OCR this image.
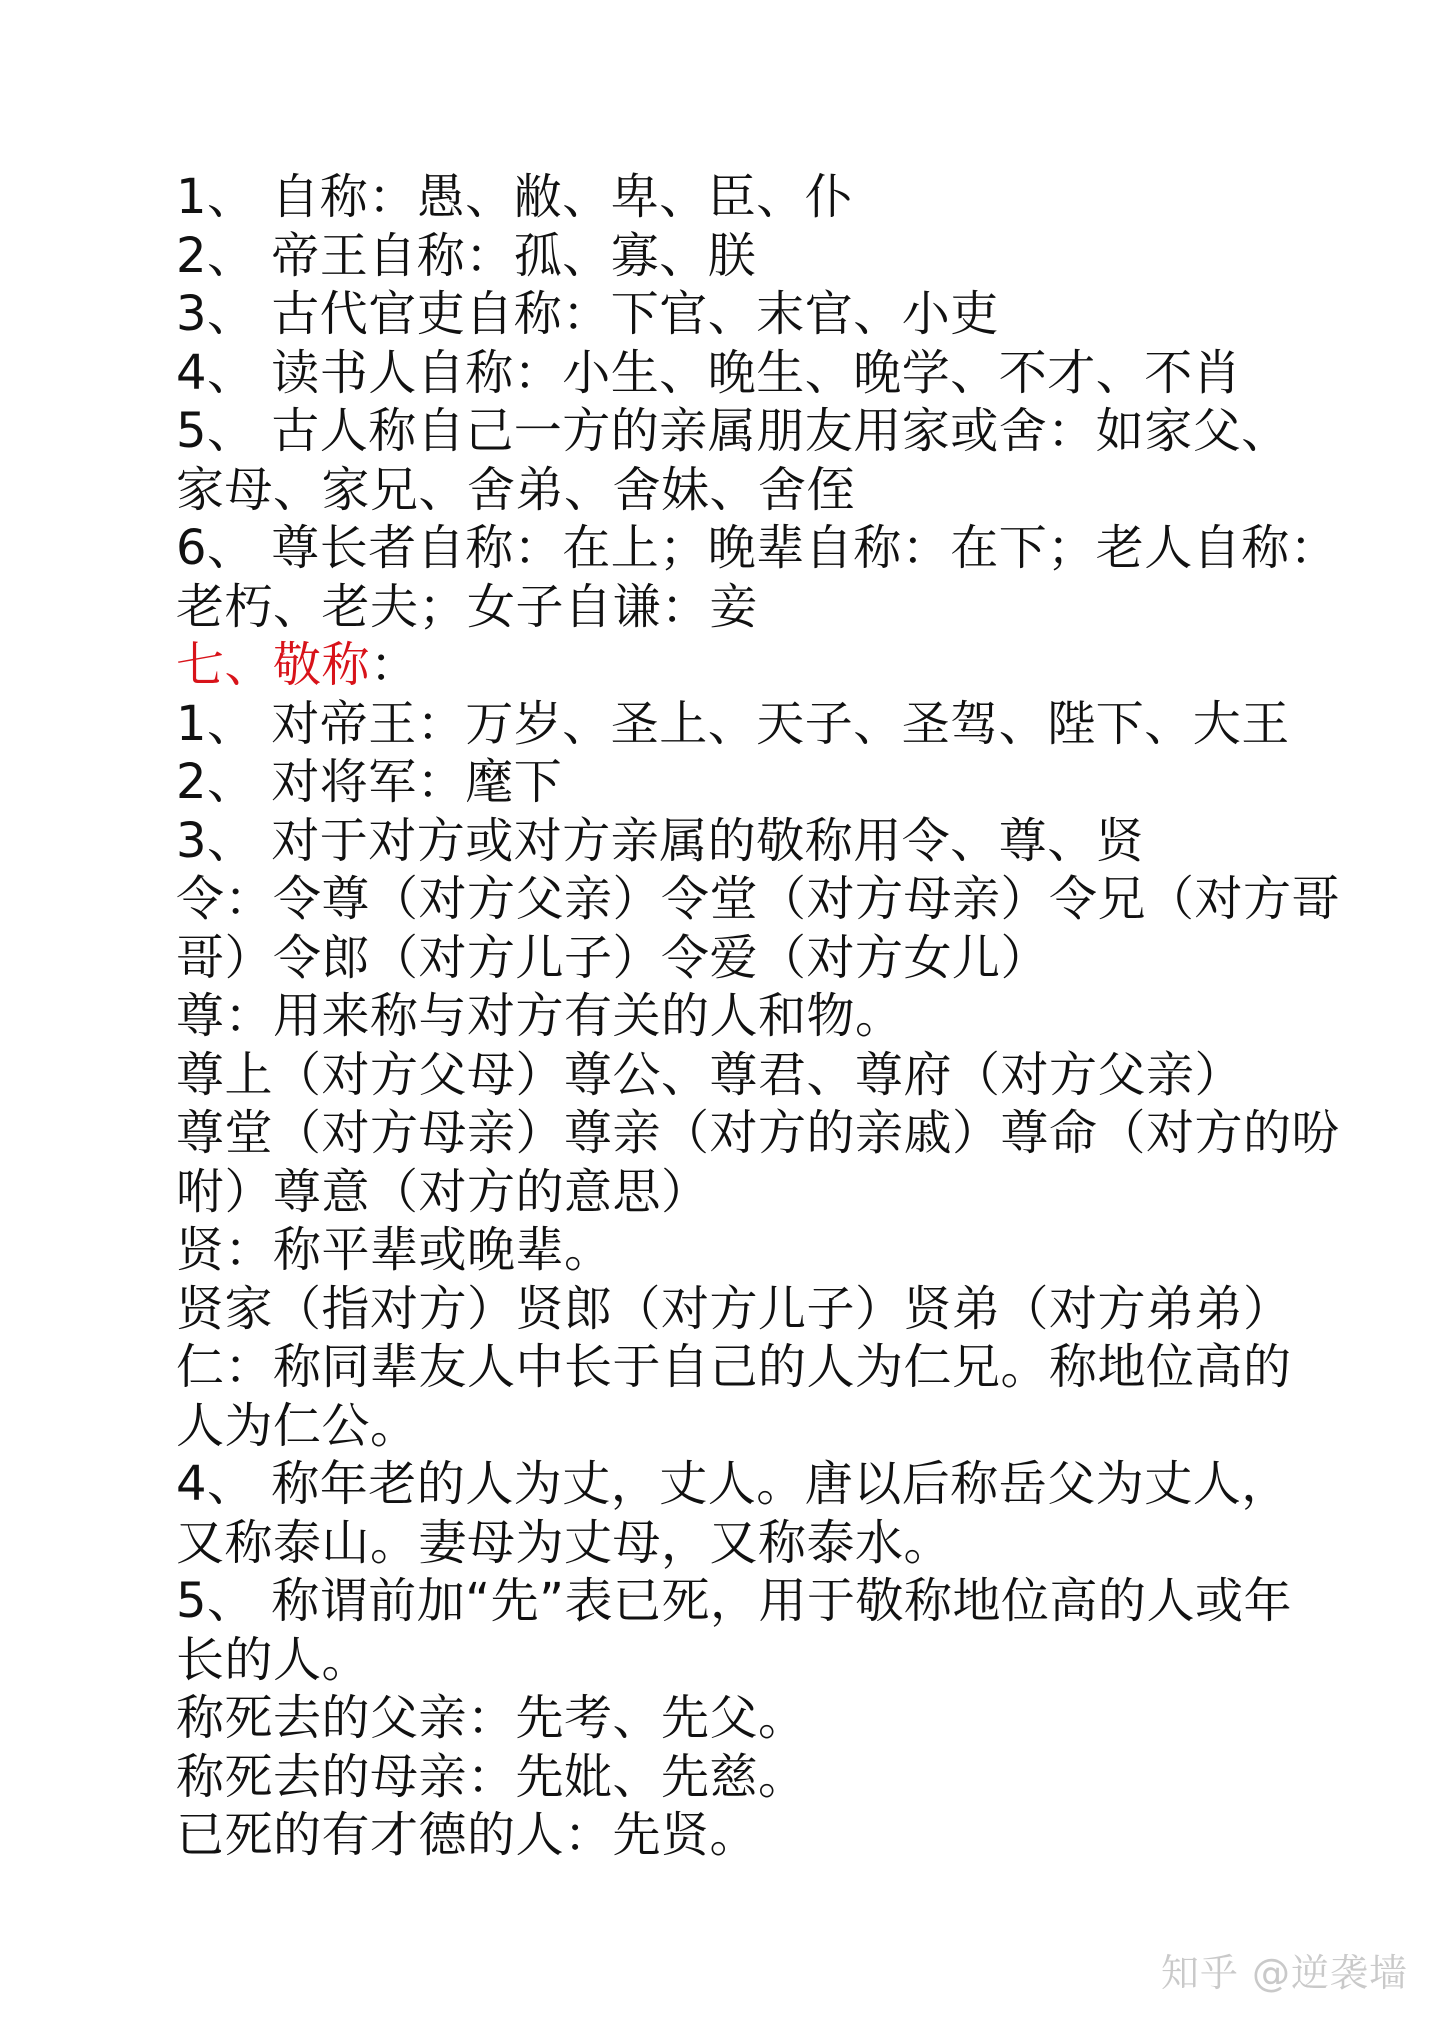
1、 自称：愚、敝、卑、臣、仆
2、 帝王自称：孤、寡、朕
3、 古代官吏自称：下官、末官、小吏
4、 读书人自称：小生、晚生、晚学、不才、不肖
5、 古人称自己一方的亲属朋友用家或舍：如家父、
家母、家兄、舍弟、舍妹、舍侄
6、 尊长者自称：在上；晚辈自称：在下；老人自称：
老朽、老夫；女子自谦：妾
七、敬称：
1、 对帝王：万岁、圣上、天子、圣驾、陛下、大王
2、 对将军：麾下
3、 对于对方或对方亲属的敬称用令、尊、贤
令：令尊（对方父亲）令堂（对方母亲）令兄（对方哥
哥）令郎（对方儿子）令爱（对方女儿）
尊：用来称与对方有关的人和物。
尊上（对方父母）尊公、尊君、尊府（对方父亲）
尊堂（对方母亲）尊亲（对方的亲戚）尊命（对方的吩
咐）尊意（对方的意思）
贤：称平辈或晚辈。
贤家（指对方）贤郎（对方儿子）贤弟（对方弟弟）
仁：称同辈友人中长于自己的人为仁兄。称地位高的
人为仁公。
4、 称年老的人为丈，丈人。唐以后称岳父为丈人，
又称泰山。妻母为丈母，又称泰水。
5、 称谓前加“先”表已死，用于敬称地位高的人或年
长的人。
称死去的父亲：先考、先父。
称死去的母亲：先妣、先慈。
已死的有才德的人：先贤。
知乎 @逆袭墙
